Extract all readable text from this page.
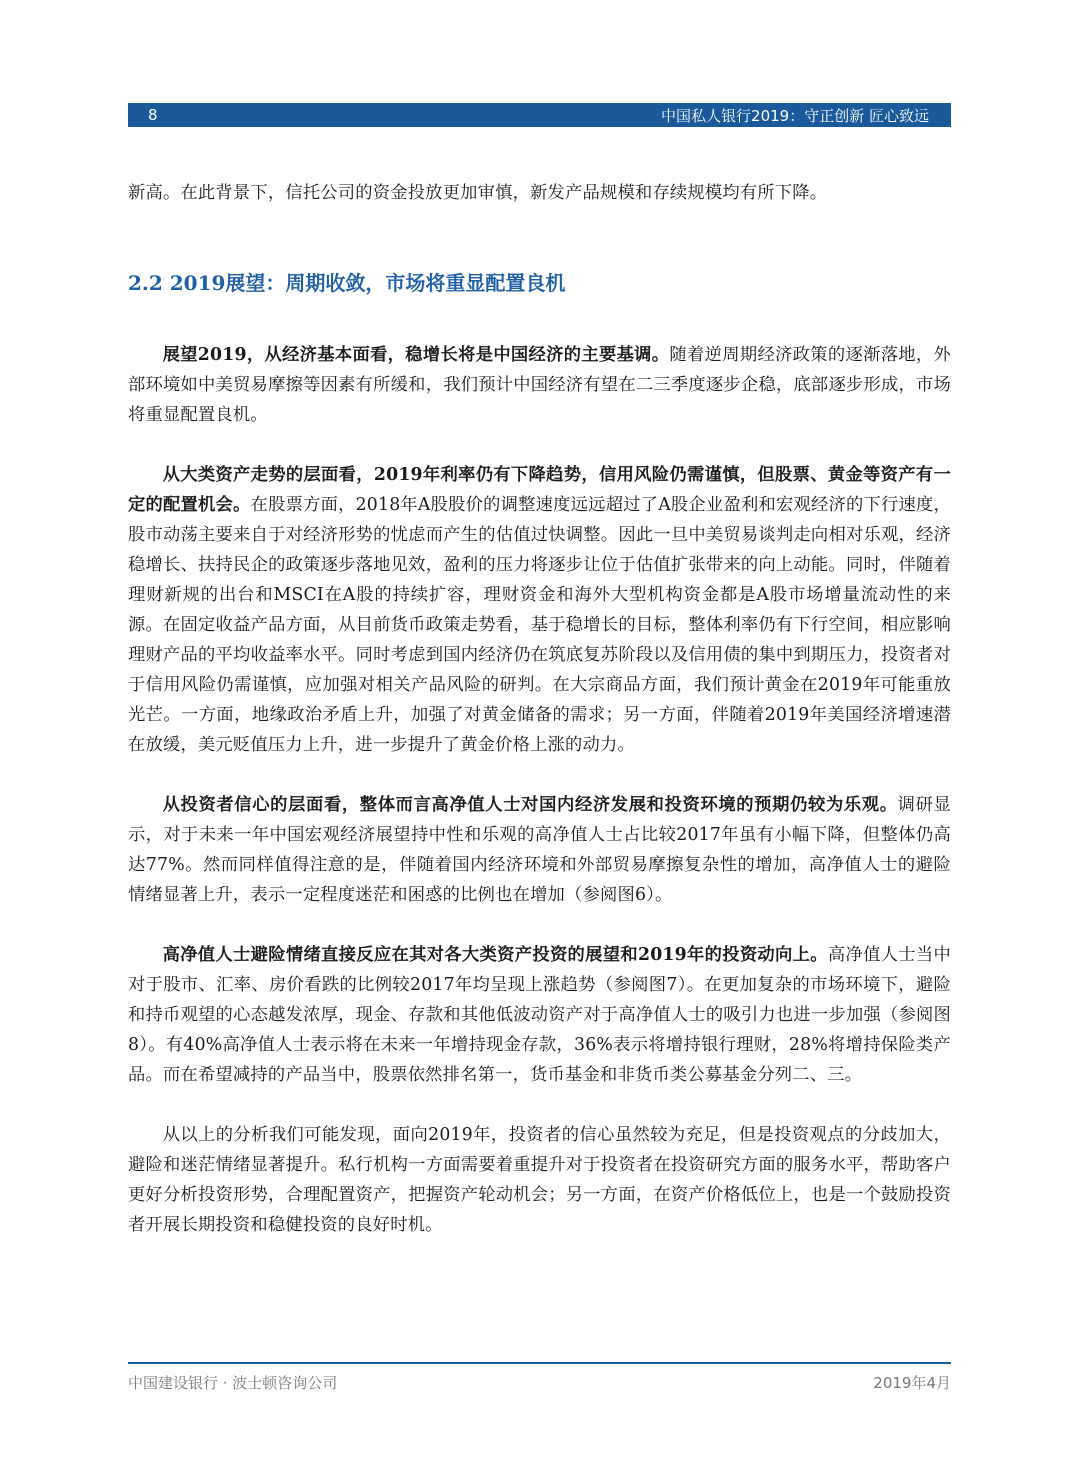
8	中国私人银行2019：守正创新 匠心致远

新高。在此背景下，信托公司的资金投放更加审慎，新发产品规模和存续规模均有所下降。

2.2 2019展望：周期收敛，市场将重显配置良机

展望2019，从经济基本面看，稳增长将是中国经济的主要基调。随着逆周期经济政策的逐渐落地，外部环境如中美贸易摩擦等因素有所缓和，我们预计中国经济有望在二三季度逐步企稳，底部逐步形成，市场将重显配置良机。

从大类资产走势的层面看，2019年利率仍有下降趋势，信用风险仍需谨慎，但股票、黄金等资产有一定的配置机会。在股票方面，2018年A股股价的调整速度远远超过了A股企业盈利和宏观经济的下行速度，股市动荡主要来自于对经济形势的忧虑而产生的估值过快调整。因此一旦中美贸易谈判走向相对乐观，经济稳增长、扶持民企的政策逐步落地见效，盈利的压力将逐步让位于估值扩张带来的向上动能。同时，伴随着理财新规的出台和MSCI在A股的持续扩容，理财资金和海外大型机构资金都是A股市场增量流动性的来源。在固定收益产品方面，从目前货币政策走势看，基于稳增长的目标，整体利率仍有下行空间，相应影响理财产品的平均收益率水平。同时考虑到国内经济仍在筑底复苏阶段以及信用债的集中到期压力，投资者对于信用风险仍需谨慎，应加强对相关产品风险的研判。在大宗商品方面，我们预计黄金在2019年可能重放光芒。一方面，地缘政治矛盾上升，加强了对黄金储备的需求；另一方面，伴随着2019年美国经济增速潜在放缓，美元贬值压力上升，进一步提升了黄金价格上涨的动力。

从投资者信心的层面看，整体而言高净值人士对国内经济发展和投资环境的预期仍较为乐观。调研显示，对于未来一年中国宏观经济展望持中性和乐观的高净值人士占比较2017年虽有小幅下降，但整体仍高达77%。然而同样值得注意的是，伴随着国内经济环境和外部贸易摩擦复杂性的增加，高净值人士的避险情绪显著上升，表示一定程度迷茫和困惑的比例也在增加（参阅图6）。

高净值人士避险情绪直接反应在其对各大类资产投资的展望和2019年的投资动向上。高净值人士当中对于股市、汇率、房价看跌的比例较2017年均呈现上涨趋势（参阅图7）。在更加复杂的市场环境下，避险和持币观望的心态越发浓厚，现金、存款和其他低波动资产对于高净值人士的吸引力也进一步加强（参阅图8）。有40%高净值人士表示将在未来一年增持现金存款，36%表示将增持银行理财，28%将增持保险类产品。而在希望减持的产品当中，股票依然排名第一，货币基金和非货币类公募基金分列二、三。

从以上的分析我们可能发现，面向2019年，投资者的信心虽然较为充足，但是投资观点的分歧加大，避险和迷茫情绪显著提升。私行机构一方面需要着重提升对于投资者在投资研究方面的服务水平，帮助客户更好分析投资形势，合理配置资产，把握资产轮动机会；另一方面，在资产价格低位上，也是一个鼓励投资者开展长期投资和稳健投资的良好时机。

中国建设银行 · 波士顿咨询公司	2019年4月
